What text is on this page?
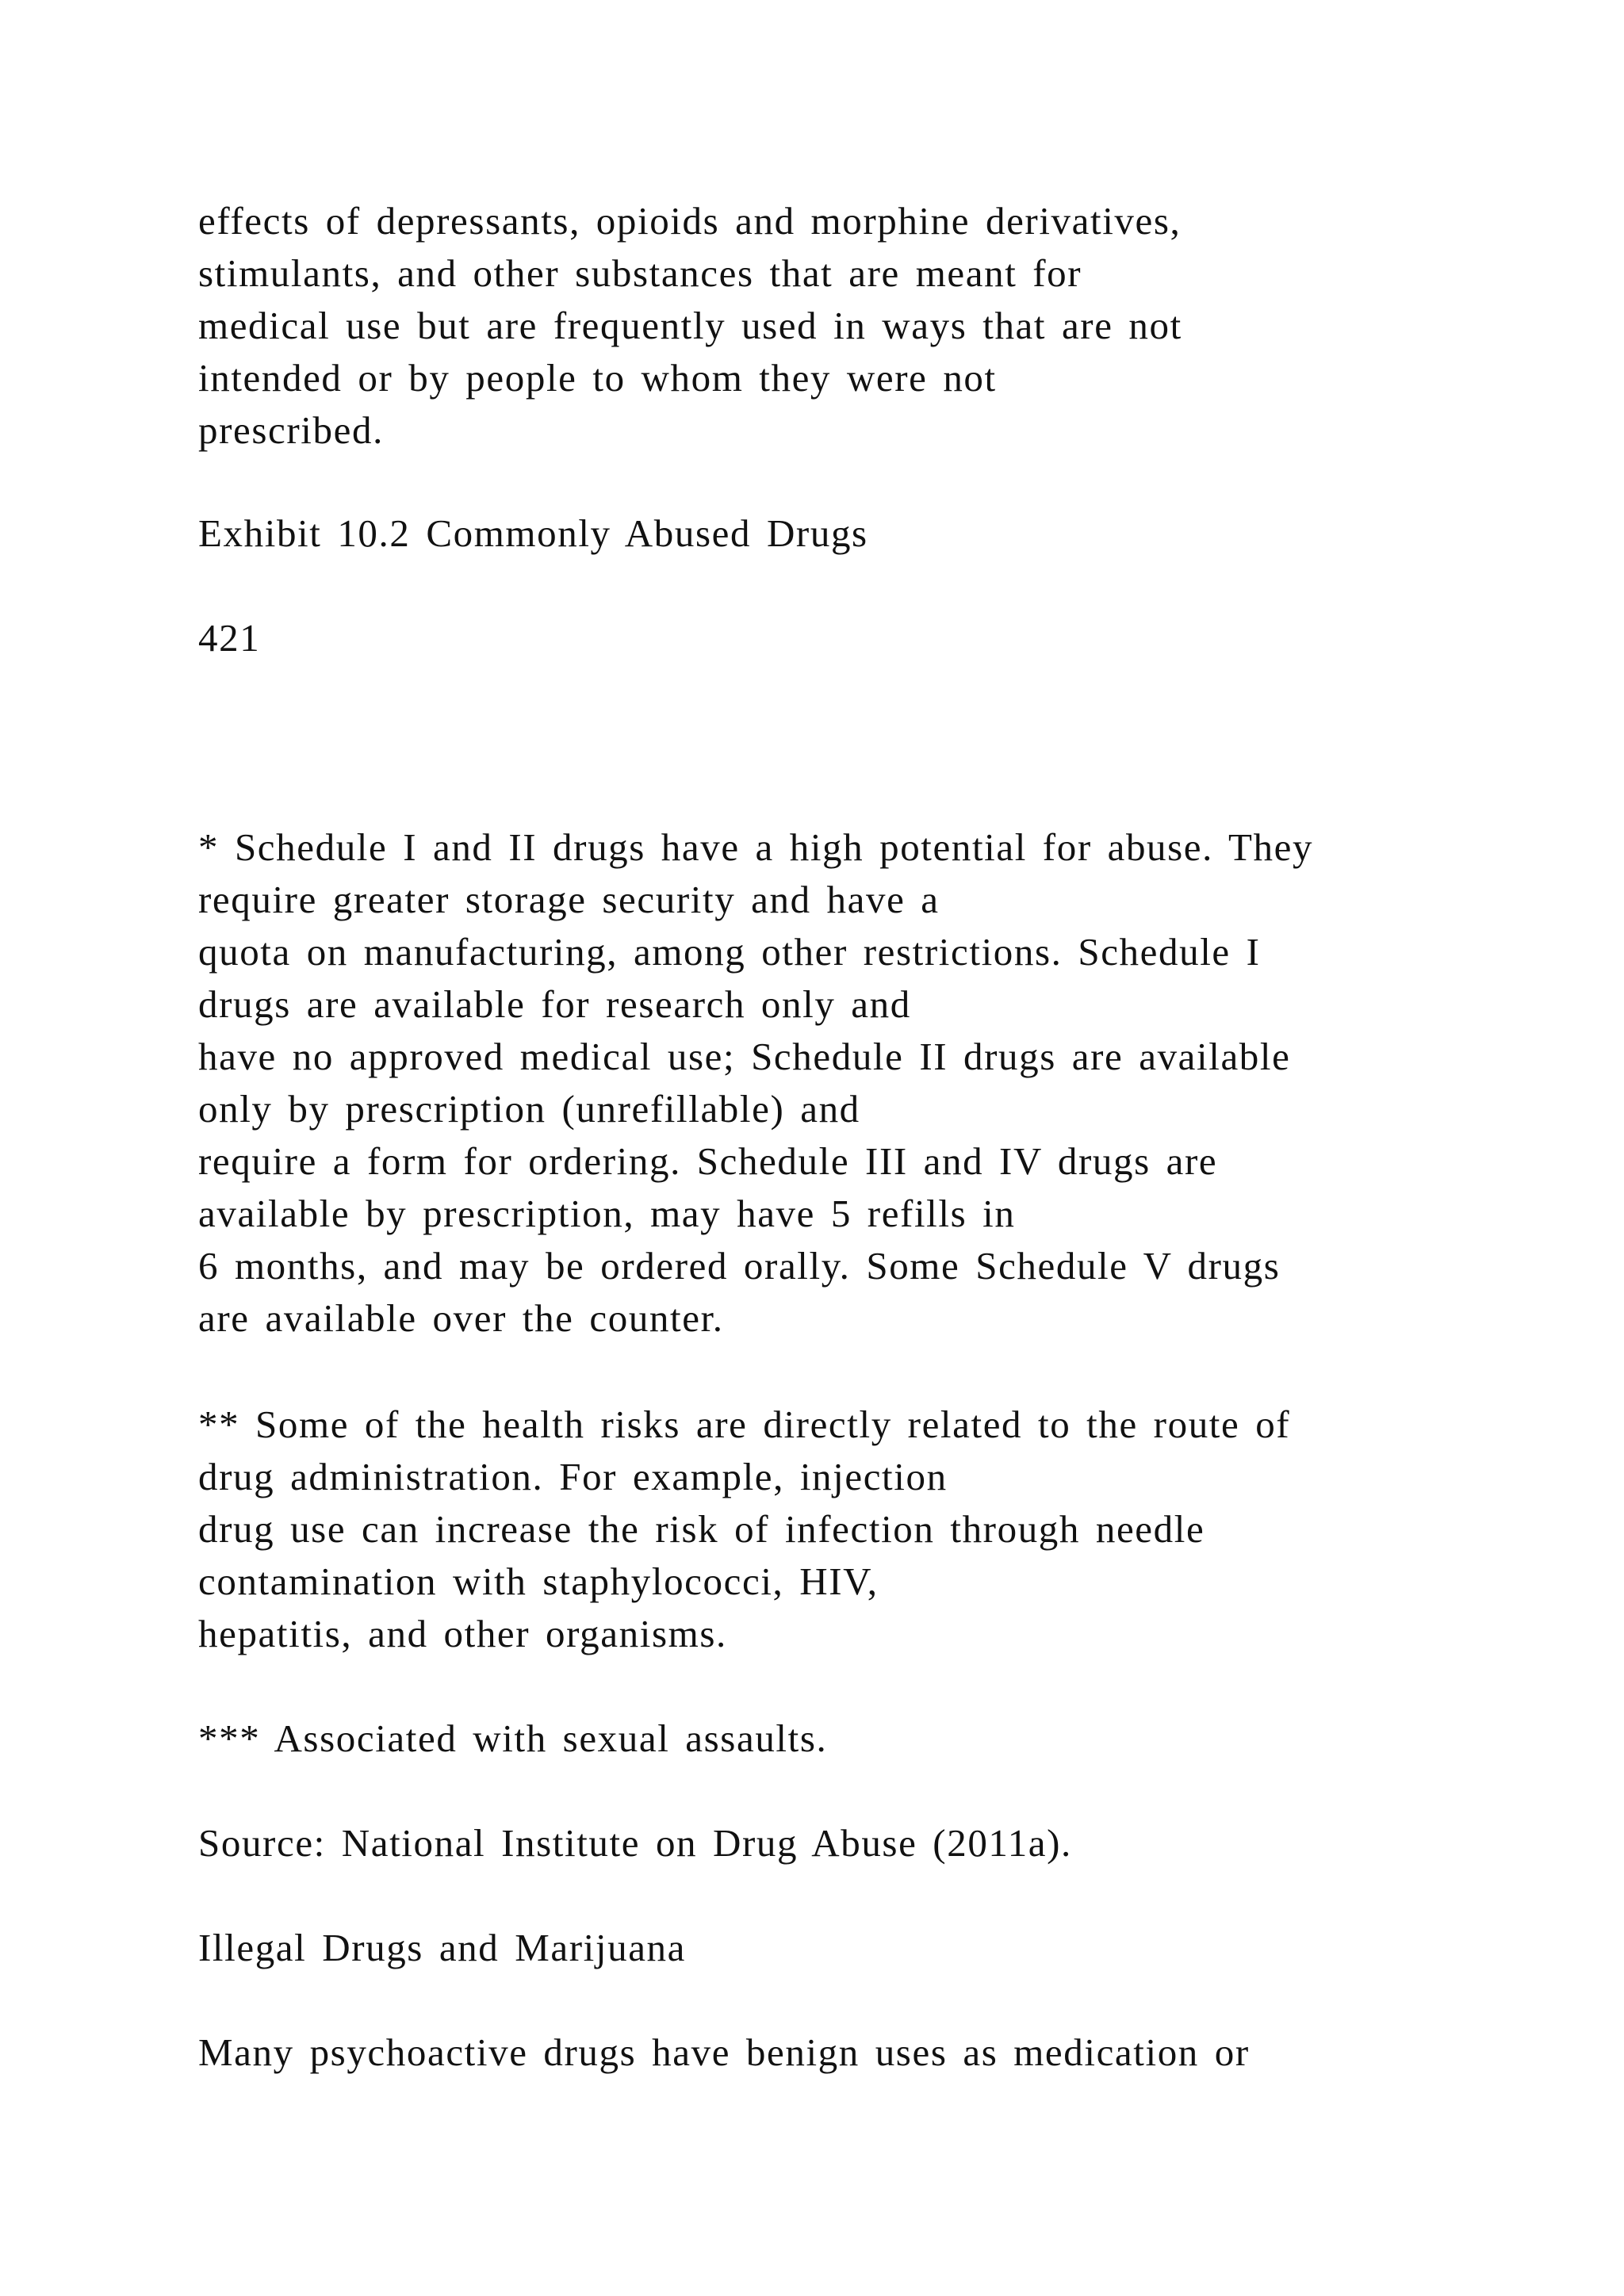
effects of depressants, opioids and morphine derivatives,
stimulants, and other substances that are meant for
medical use but are frequently used in ways that are not
intended or by people to whom they were not
prescribed.

Exhibit 10.2 Commonly Abused Drugs

421

* Schedule I and II drugs have a high potential for abuse. They
require greater storage security and have a
quota on manufacturing, among other restrictions. Schedule I
drugs are available for research only and
have no approved medical use; Schedule II drugs are available
only by prescription (unrefillable) and
require a form for ordering. Schedule III and IV drugs are
available by prescription, may have 5 refills in
6 months, and may be ordered orally. Some Schedule V drugs
are available over the counter.

** Some of the health risks are directly related to the route of
drug administration. For example, injection
drug use can increase the risk of infection through needle
contamination with staphylococci, HIV,
hepatitis, and other organisms.

*** Associated with sexual assaults.

Source: National Institute on Drug Abuse (2011a).

Illegal Drugs and Marijuana

Many psychoactive drugs have benign uses as medication or
